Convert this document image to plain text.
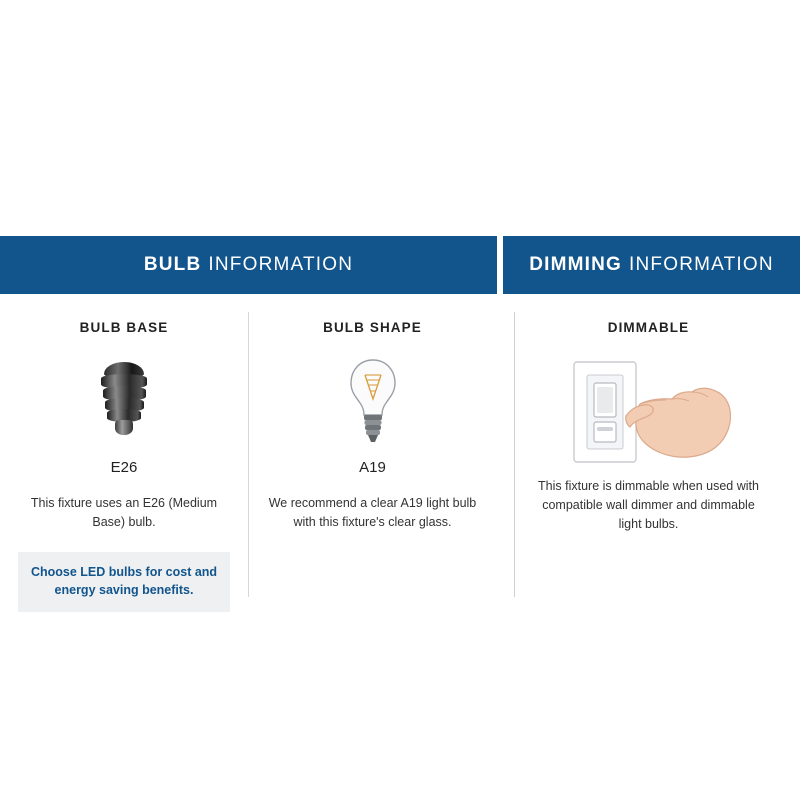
BULB INFORMATION	DIMMING INFORMATION
BULB BASE
E26
This fixture uses an E26 (Medium Base) bulb.
Choose LED bulbs for cost and energy saving benefits.
BULB SHAPE
A19
We recommend a clear A19 light bulb with this fixture's clear glass.
DIMMABLE
This fixture is dimmable when used with compatible wall dimmer and dimmable light bulbs.
